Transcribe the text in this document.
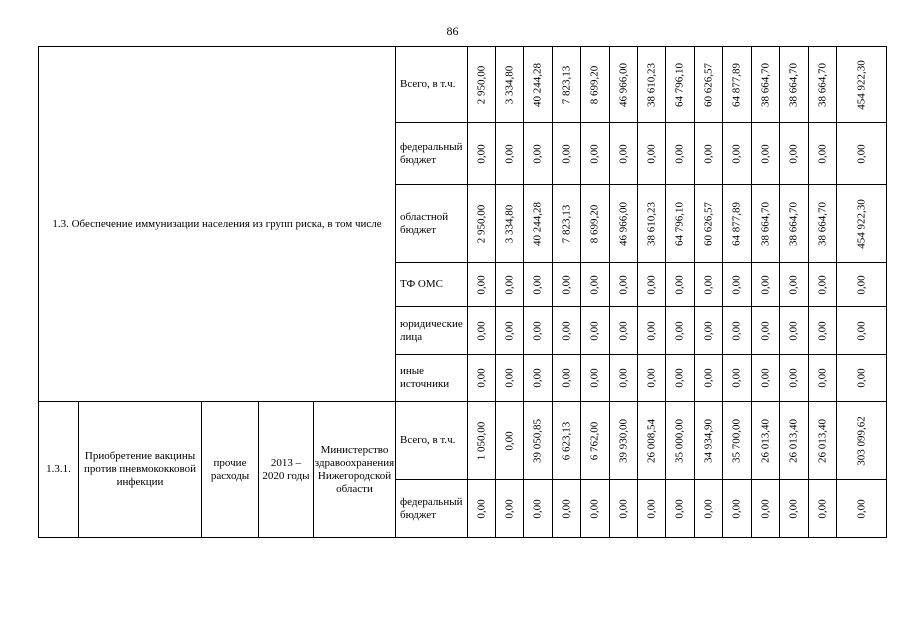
86
1.3. Обеспечение иммунизации населения из групп риска, в том числе					Всего, в т.ч.	2 950,00	3 334,80	40 244,28	7 823,13	8 699,20	46 966,00	38 610,23	64 796,10	60 626,57	64 877,89	38 664,70	38 664,70	38 664,70	454 922,30

					федеральный бюджет	0,00	0,00	0,00	0,00	0,00	0,00	0,00	0,00	0,00	0,00	0,00	0,00	0,00	0,00

					областной бюджет	2 950,00	3 334,80	40 244,28	7 823,13	8 699,20	46 966,00	38 610,23	64 796,10	60 626,57	64 877,89	38 664,70	38 664,70	38 664,70	454 922,30

					ТФ ОМС	0,00	0,00	0,00	0,00	0,00	0,00	0,00	0,00	0,00	0,00	0,00	0,00	0,00	0,00

					юридические лица	0,00	0,00	0,00	0,00	0,00	0,00	0,00	0,00	0,00	0,00	0,00	0,00	0,00	0,00

					иные источники	0,00	0,00	0,00	0,00	0,00	0,00	0,00	0,00	0,00	0,00	0,00	0,00	0,00	0,00

1.3.1.	Приобретение вакцины против пневмококковой инфекции	прочие расходы	2013 – 2020 годы	Министерство здравоохранения Нижегородской области	Всего, в т.ч.	1 050,00	0,00	39 050,85	6 623,13	6 762,00	39 930,00	26 008,54	35 000,00	34 934,90	35 700,00	26 013,40	26 013,40	26 013,40	303 099,62

					федеральный бюджет	0,00	0,00	0,00	0,00	0,00	0,00	0,00	0,00	0,00	0,00	0,00	0,00	0,00	0,00
